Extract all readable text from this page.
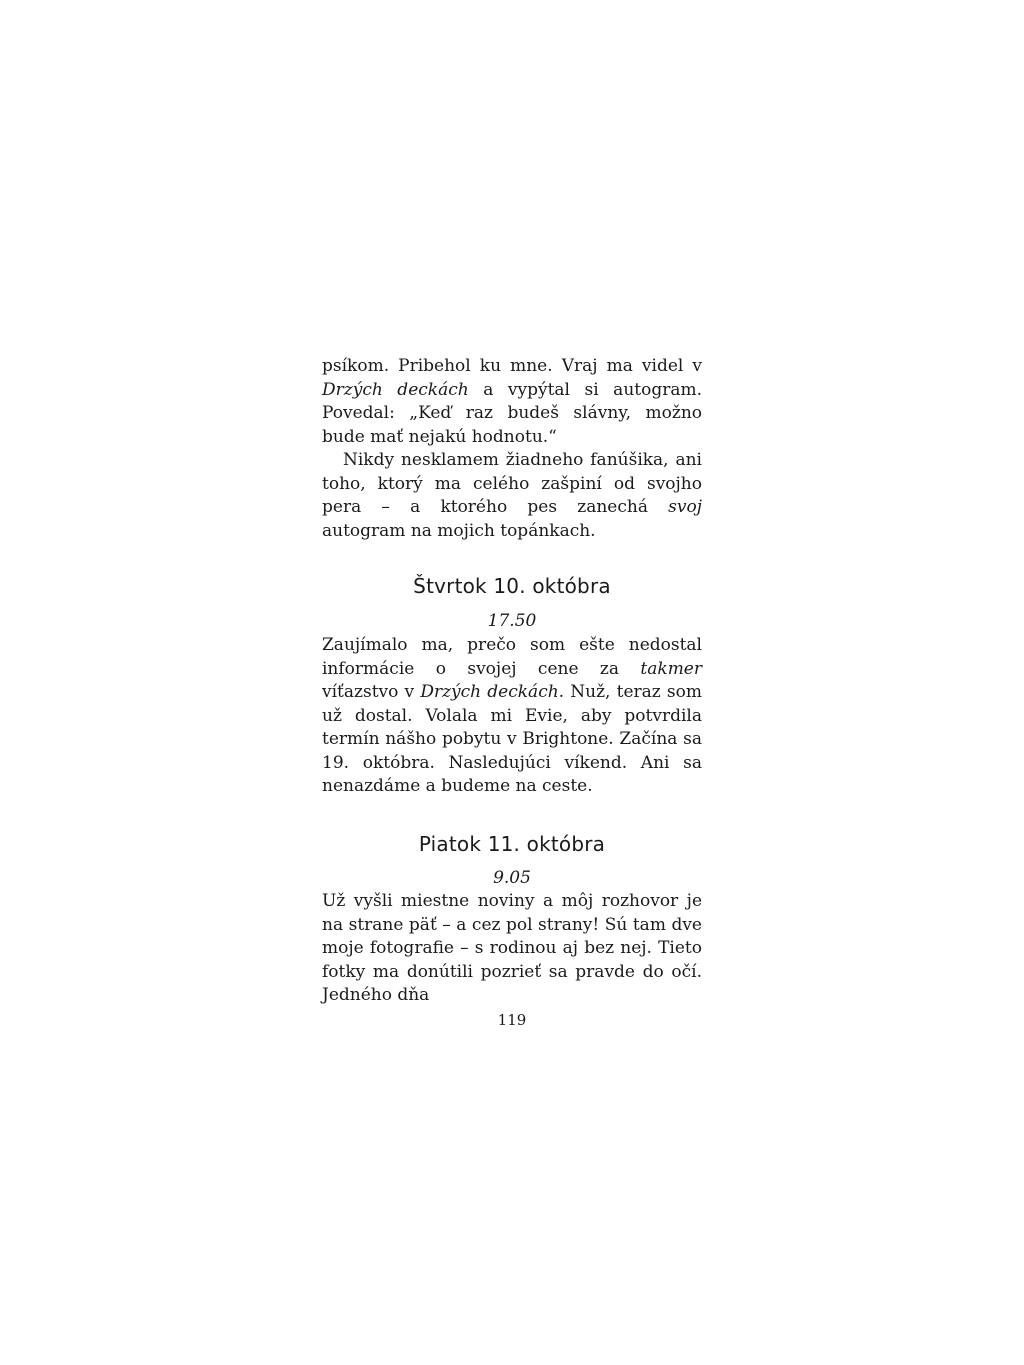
psíkom. Pribehol ku mne. Vraj ma videl v Drzých deckách a vypýtal si autogram. Povedal: „Keď raz budeš slávny, možno bude mať nejakú hodnotu.“

Nikdy nesklamem žiadneho fanúšika, ani toho, ktorý ma celého zašpiní od svojho pera – a ktorého pes zanechá svoj autogram na mojich topánkach.

Štvrtok 10. októbra

17.50

Zaujímalo ma, prečo som ešte nedostal informácie o svojej cene za takmer víťazstvo v Drzých deckách. Nuž, teraz som už dostal. Volala mi Evie, aby potvrdila termín nášho pobytu v Brightone. Začína sa 19. októbra. Nasledujúci víkend. Ani sa nenazdáme a budeme na ceste.

Piatok 11. októbra

9.05

Už vyšli miestne noviny a môj rozhovor je na strane päť – a cez pol strany! Sú tam dve moje fotografie – s rodinou aj bez nej. Tieto fotky ma donútili pozrieť sa pravde do očí. Jedného dňa

119
